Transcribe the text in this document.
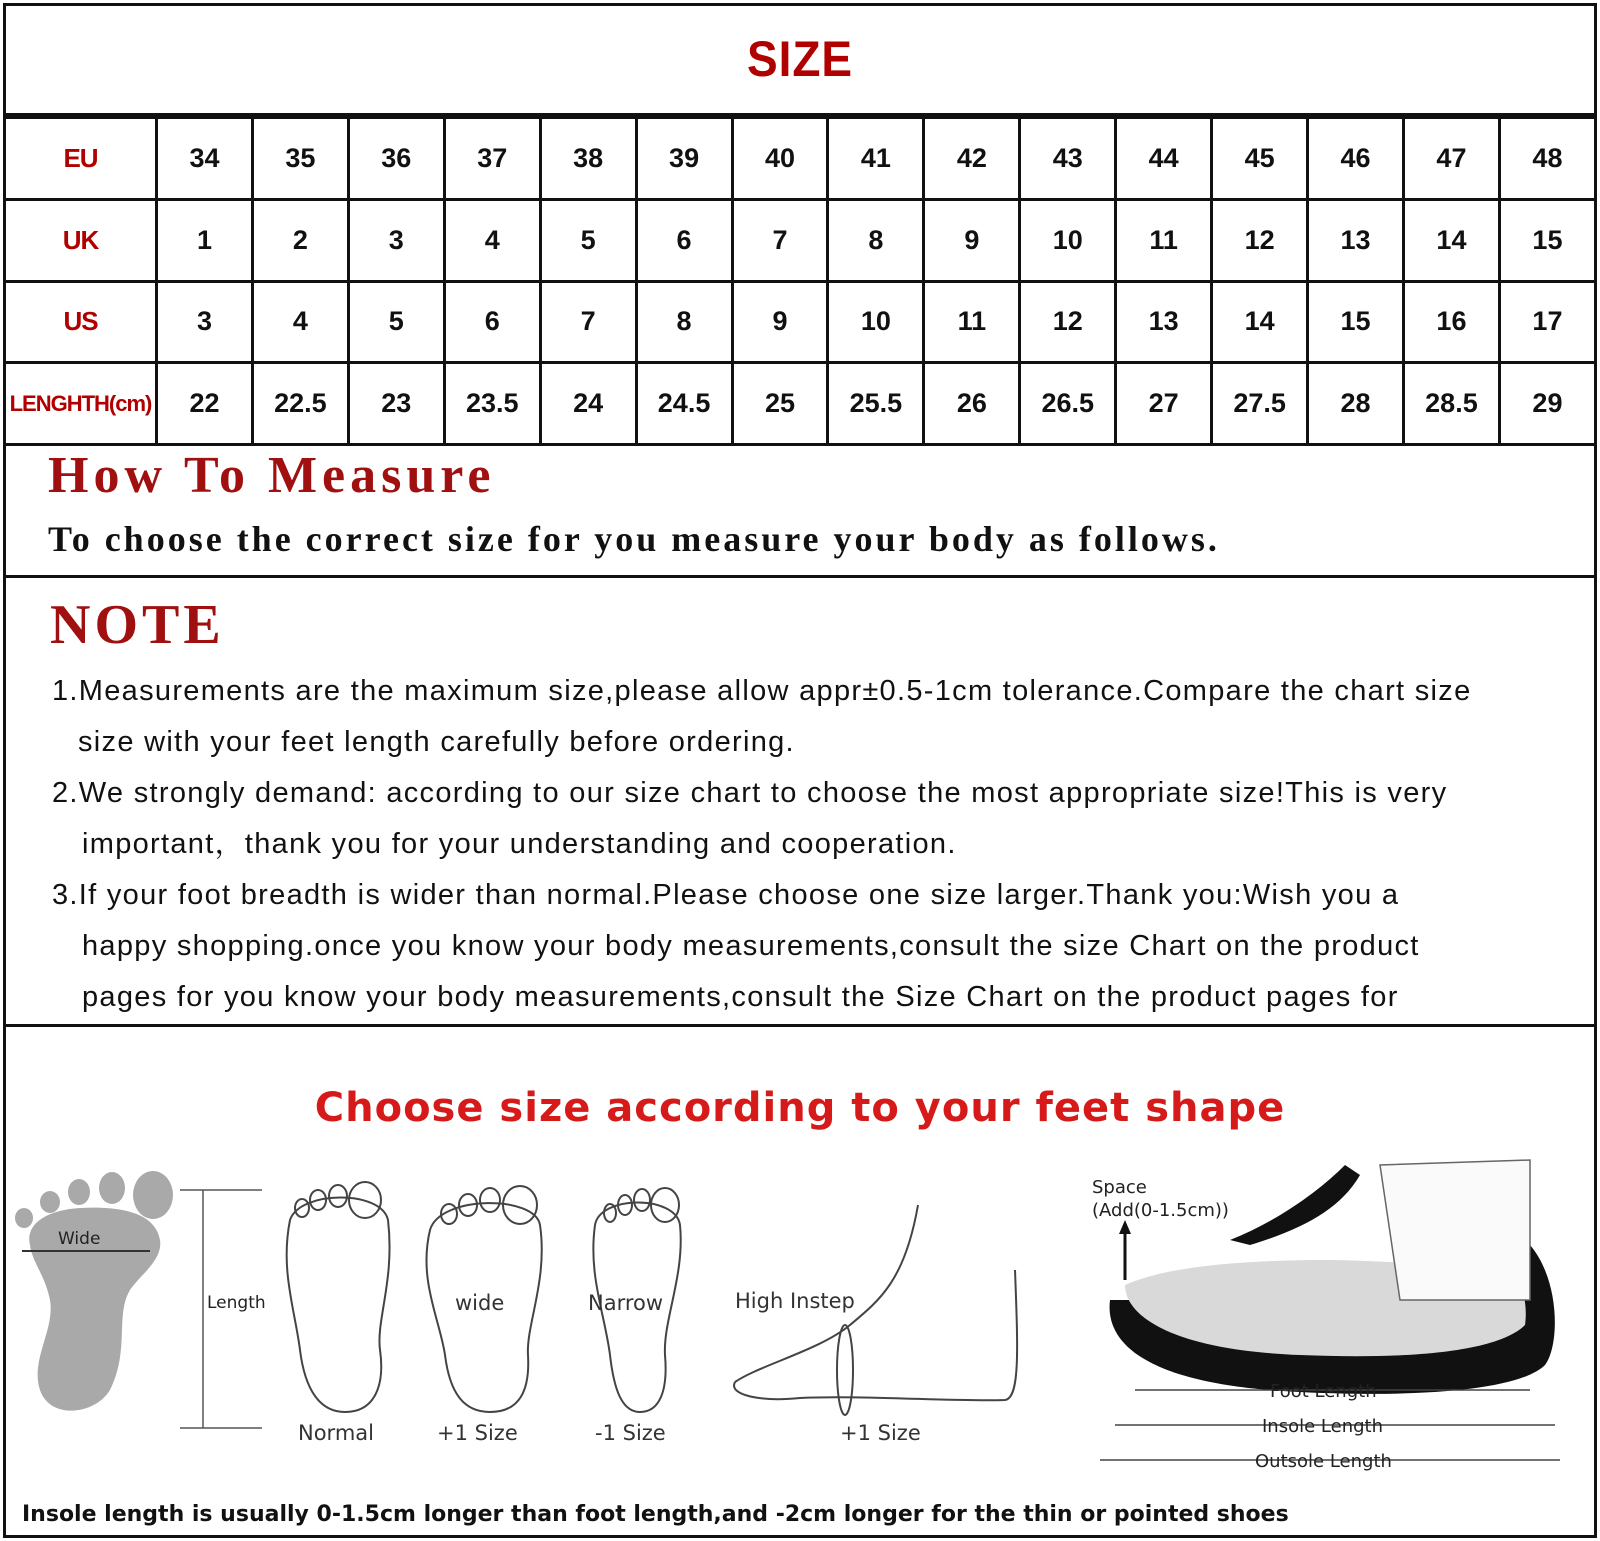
SIZE
EU	34	35	36	37	38	39	40	41	42	43	44	45	46	47	48
UK	1	2	3	4	5	6	7	8	9	10	11	12	13	14	15
US	3	4	5	6	7	8	9	10	11	12	13	14	15	16	17
LENGHTH(cm)	22	22.5	23	23.5	24	24.5	25	25.5	26	26.5	27	27.5	28	28.5	29
How To Measure
To choose the correct size for you measure your body as follows.
NOTE
1.Measurements are the maximum size,please allow appr±0.5-1cm tolerance.Compare the chart size
size with your feet length carefully before ordering.
2.We strongly demand: according to our size chart to choose the most appropriate size!This is very
important，thank you for your understanding and cooperation.
3.If your foot breadth is wider than normal.Please choose one size larger.Thank you:Wish you a
happy shopping.once you know your body measurements,consult the size Chart on the product
pages for you know your body measurements,consult the Size Chart on the product pages for
Choose size according to your feet shape
Wide
Length
Normal
wide
+1 Size
Narrow
-1 Size
High Instep
+1 Size
Space
(Add(0-1.5cm))
Foot Length
Insole Length
Outsole Length
Insole length is usually 0-1.5cm longer than foot length,and -2cm longer for the thin or pointed shoes
